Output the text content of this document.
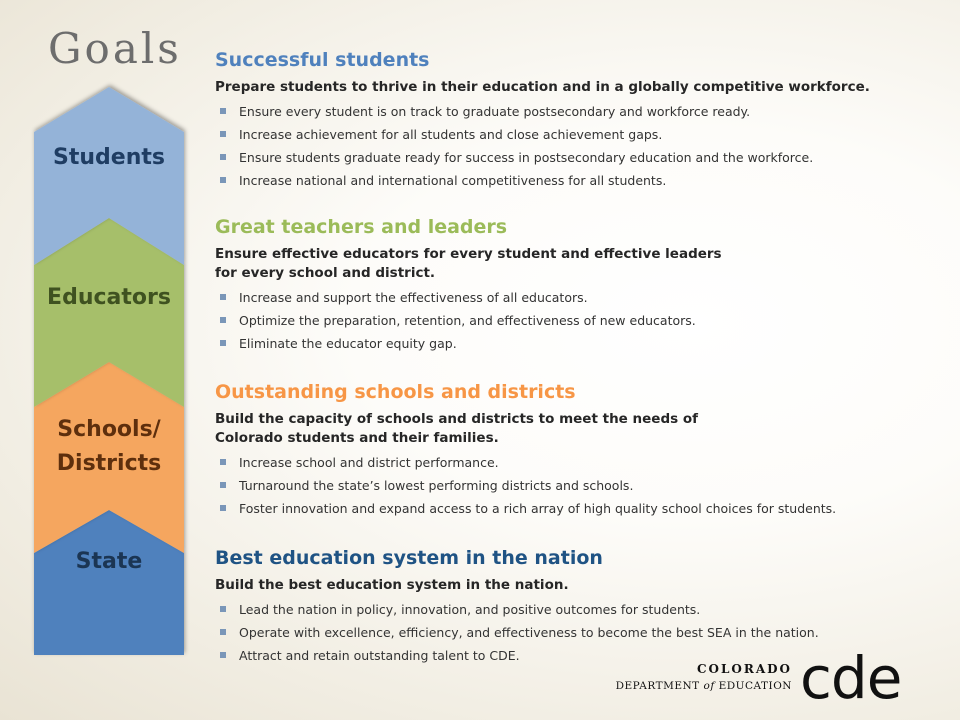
Goals
Students
Educators
Schools/
Districts
State
Successful students
Prepare students to thrive in their education and in a globally competitive workforce.
Ensure every student is on track to graduate postsecondary and workforce ready.
Increase achievement for all students and close achievement gaps.
Ensure students graduate ready for success in postsecondary education and the workforce.
Increase national and international competitiveness for all students.
Great teachers and leaders
Ensure effective educators for every student and effective leaders
for every school and district.
Increase and support the effectiveness of all educators.
Optimize the preparation, retention, and effectiveness of new educators.
Eliminate the educator equity gap.
Outstanding schools and districts
Build the capacity of schools and districts to meet the needs of
Colorado students and their families.
Increase school and district performance.
Turnaround the state’s lowest performing districts and schools.
Foster innovation and expand access to a rich array of high quality school choices for students.
Best education system in the nation
Build the best education system in the nation.
Lead the nation in policy, innovation, and positive outcomes for students.
Operate with excellence, efficiency, and effectiveness to become the best SEA in the nation.
Attract and retain outstanding talent to CDE.
COLORADO
DEPARTMENT of EDUCATION cde
